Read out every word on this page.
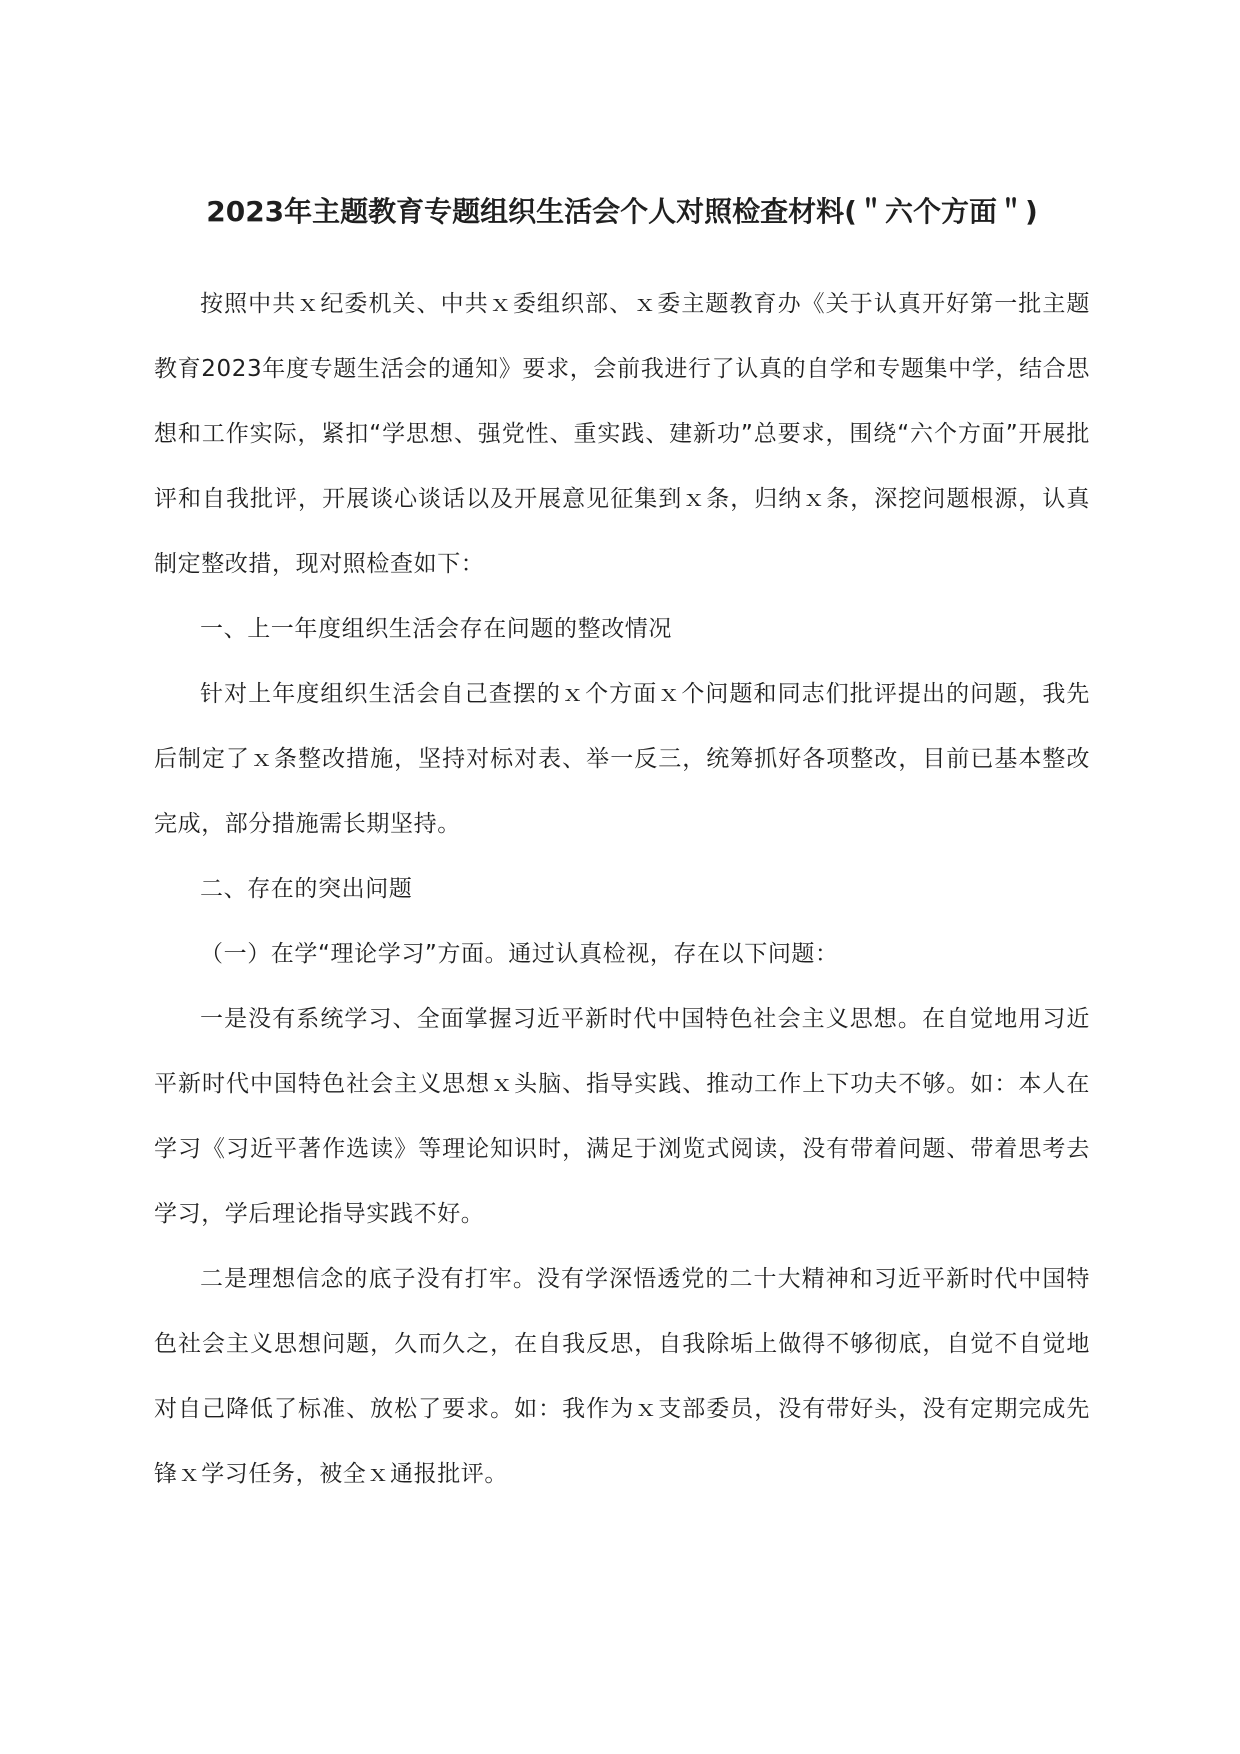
2023年主题教育专题组织生活会个人对照检查材料(＂六个方面＂)

按照中共ｘ纪委机关、中共ｘ委组织部、ｘ委主题教育办《关于认真开好第一批主题教育2023年度专题生活会的通知》要求，会前我进行了认真的自学和专题集中学，结合思想和工作实际，紧扣“学思想、强党性、重实践、建新功”总要求，围绕“六个方面”开展批评和自我批评，开展谈心谈话以及开展意见征集到ｘ条，归纳ｘ条，深挖问题根源，认真制定整改措，现对照检查如下：

一、上一年度组织生活会存在问题的整改情况

针对上年度组织生活会自己查摆的ｘ个方面ｘ个问题和同志们批评提出的问题，我先后制定了ｘ条整改措施，坚持对标对表、举一反三，统筹抓好各项整改，目前已基本整改完成，部分措施需长期坚持。

二、存在的突出问题

（一）在学“理论学习”方面。通过认真检视，存在以下问题：

一是没有系统学习、全面掌握习近平新时代中国特色社会主义思想。在自觉地用习近平新时代中国特色社会主义思想ｘ头脑、指导实践、推动工作上下功夫不够。如：本人在学习《习近平著作选读》等理论知识时，满足于浏览式阅读，没有带着问题、带着思考去学习，学后理论指导实践不好。

二是理想信念的底子没有打牢。没有学深悟透党的二十大精神和习近平新时代中国特色社会主义思想问题，久而久之，在自我反思，自我除垢上做得不够彻底，自觉不自觉地对自己降低了标准、放松了要求。如：我作为ｘ支部委员，没有带好头，没有定期完成先锋ｘ学习任务，被全ｘ通报批评。
